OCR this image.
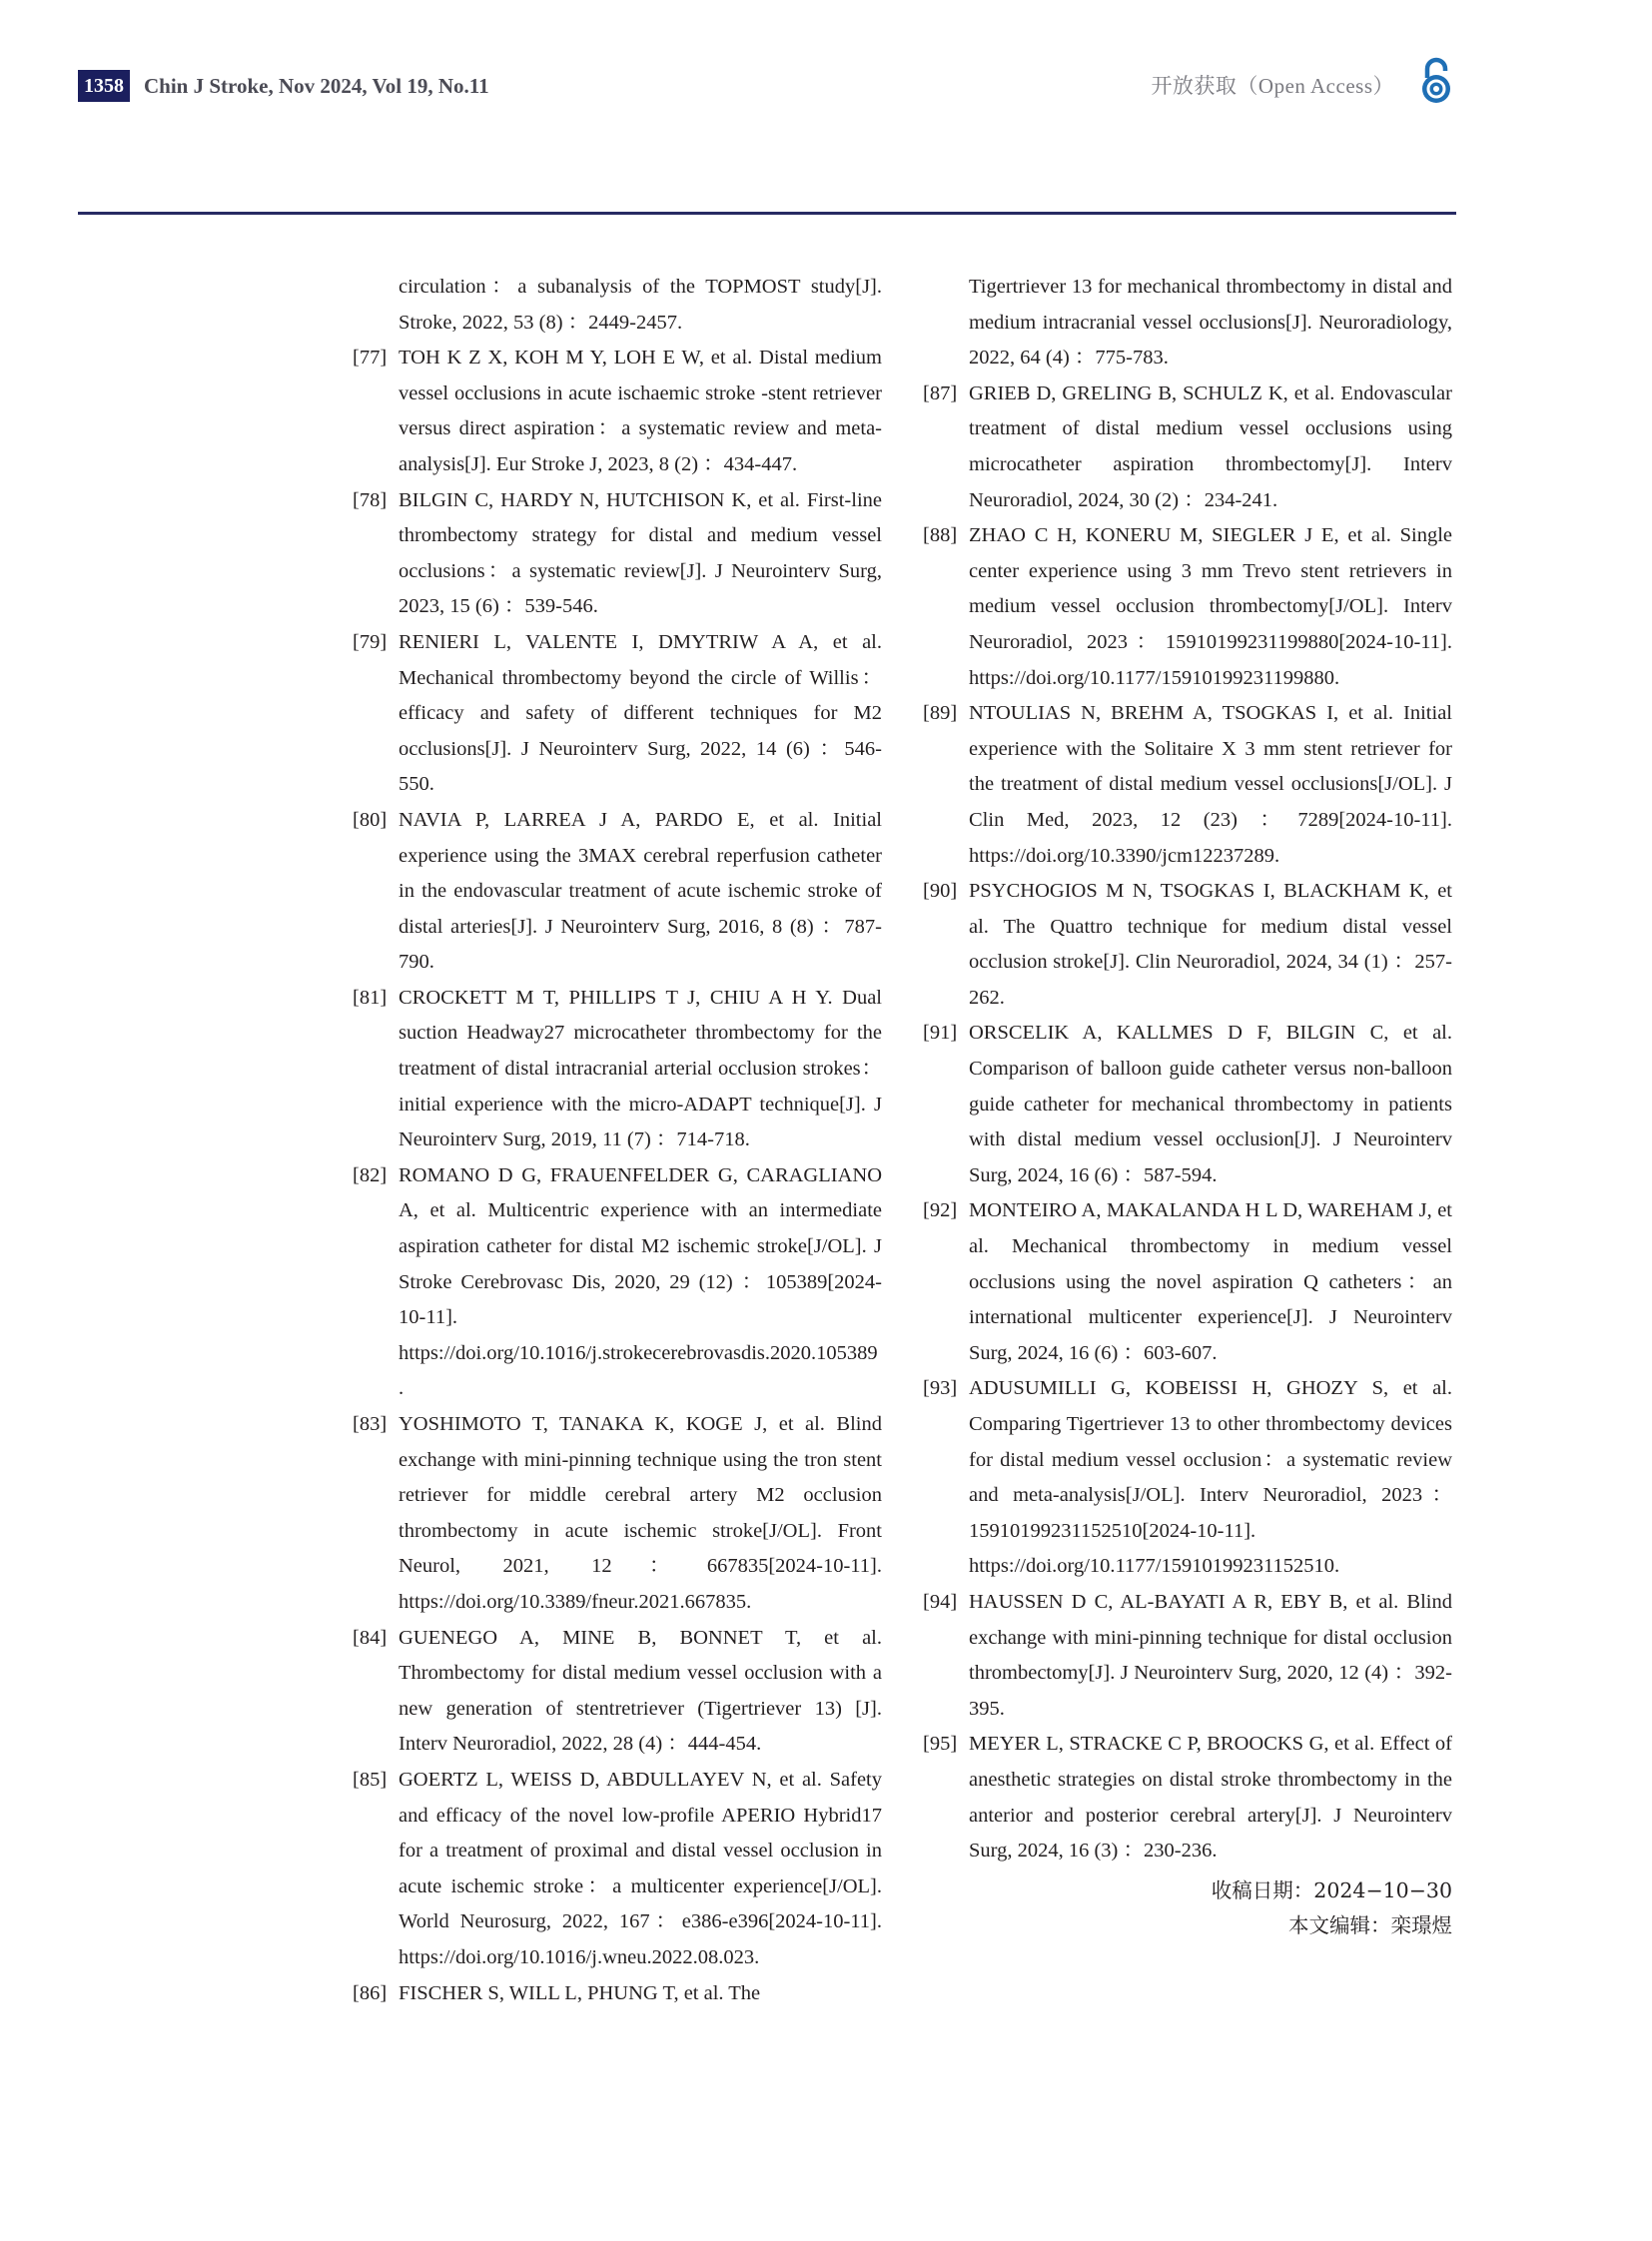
1358 Chin J Stroke, Nov 2024, Vol 19, No.11	开放获取（Open Access）
circulation：a subanalysis of the TOPMOST study[J]. Stroke, 2022, 53 (8) ：2449-2457.
[77] TOH K Z X, KOH M Y, LOH E W, et al. Distal medium vessel occlusions in acute ischaemic stroke -stent retriever versus direct aspiration：a systematic review and meta-analysis[J]. Eur Stroke J, 2023, 8 (2) ：434-447.
[78] BILGIN C, HARDY N, HUTCHISON K, et al. First-line thrombectomy strategy for distal and medium vessel occlusions：a systematic review[J]. J Neurointerv Surg, 2023, 15 (6) ：539-546.
[79] RENIERI L, VALENTE I, DMYTRIW A A, et al. Mechanical thrombectomy beyond the circle of Willis：efficacy and safety of different techniques for M2 occlusions[J]. J Neurointerv Surg, 2022, 14 (6) ：546-550.
[80] NAVIA P, LARREA J A, PARDO E, et al. Initial experience using the 3MAX cerebral reperfusion catheter in the endovascular treatment of acute ischemic stroke of distal arteries[J]. J Neurointerv Surg, 2016, 8 (8) ：787-790.
[81] CROCKETT M T, PHILLIPS T J, CHIU A H Y. Dual suction Headway27 microcatheter thrombectomy for the treatment of distal intracranial arterial occlusion strokes：initial experience with the micro-ADAPT technique[J]. J Neurointerv Surg, 2019, 11 (7) ：714-718.
[82] ROMANO D G, FRAUENFELDER G, CARAGLIANO A, et al. Multicentric experience with an intermediate aspiration catheter for distal M2 ischemic stroke[J/OL]. J Stroke Cerebrovasc Dis, 2020, 29 (12) ：105389[2024-10-11]. https://doi.org/10.1016/j.strokecerebrovasdis.2020.105389.
[83] YOSHIMOTO T, TANAKA K, KOGE J, et al. Blind exchange with mini-pinning technique using the tron stent retriever for middle cerebral artery M2 occlusion thrombectomy in acute ischemic stroke[J/OL]. Front Neurol, 2021, 12：667835[2024-10-11]. https://doi.org/10.3389/fneur.2021.667835.
[84] GUENEGO A, MINE B, BONNET T, et al. Thrombectomy for distal medium vessel occlusion with a new generation of stentretriever (Tigertriever 13) [J]. Interv Neuroradiol, 2022, 28 (4) ：444-454.
[85] GOERTZ L, WEISS D, ABDULLAYEV N, et al. Safety and efficacy of the novel low-profile APERIO Hybrid17 for a treatment of proximal and distal vessel occlusion in acute ischemic stroke：a multicenter experience[J/OL]. World Neurosurg, 2022, 167：e386-e396[2024-10-11]. https://doi.org/10.1016/j.wneu.2022.08.023.
[86] FISCHER S, WILL L, PHUNG T, et al. The
Tigertriever 13 for mechanical thrombectomy in distal and medium intracranial vessel occlusions[J]. Neuroradiology, 2022, 64 (4) ：775-783.
[87] GRIEB D, GRELING B, SCHULZ K, et al. Endovascular treatment of distal medium vessel occlusions using microcatheter aspiration thrombectomy[J]. Interv Neuroradiol, 2024, 30 (2) ：234-241.
[88] ZHAO C H, KONERU M, SIEGLER J E, et al. Single center experience using 3 mm Trevo stent retrievers in medium vessel occlusion thrombectomy[J/OL]. Interv Neuroradiol, 2023：15910199231199880[2024-10-11]. https://doi.org/10.1177/15910199231199880.
[89] NTOULIAS N, BREHM A, TSOGKAS I, et al. Initial experience with the Solitaire X 3 mm stent retriever for the treatment of distal medium vessel occlusions[J/OL]. J Clin Med, 2023, 12 (23) ：7289[2024-10-11]. https://doi.org/10.3390/jcm12237289.
[90] PSYCHOGIOS M N, TSOGKAS I, BLACKHAM K, et al. The Quattro technique for medium distal vessel occlusion stroke[J]. Clin Neuroradiol, 2024, 34 (1) ：257-262.
[91] ORSCELIK A, KALLMES D F, BILGIN C, et al. Comparison of balloon guide catheter versus non-balloon guide catheter for mechanical thrombectomy in patients with distal medium vessel occlusion[J]. J Neurointerv Surg, 2024, 16 (6) ：587-594.
[92] MONTEIRO A, MAKALANDA H L D, WAREHAM J, et al. Mechanical thrombectomy in medium vessel occlusions using the novel aspiration Q catheters：an international multicenter experience[J]. J Neurointerv Surg, 2024, 16 (6) ：603-607.
[93] ADUSUMILLI G, KOBEISSI H, GHOZY S, et al. Comparing Tigertriever 13 to other thrombectomy devices for distal medium vessel occlusion：a systematic review and meta-analysis[J/OL]. Interv Neuroradiol, 2023：15910199231152510[2024-10-11]. https://doi.org/10.1177/15910199231152510.
[94] HAUSSEN D C, AL-BAYATI A R, EBY B, et al. Blind exchange with mini-pinning technique for distal occlusion thrombectomy[J]. J Neurointerv Surg, 2020, 12 (4) ：392-395.
[95] MEYER L, STRACKE C P, BROOCKS G, et al. Effect of anesthetic strategies on distal stroke thrombectomy in the anterior and posterior cerebral artery[J]. J Neurointerv Surg, 2024, 16 (3) ：230-236.
收稿日期：2024−10−30
本文编辑：栾璟煜
